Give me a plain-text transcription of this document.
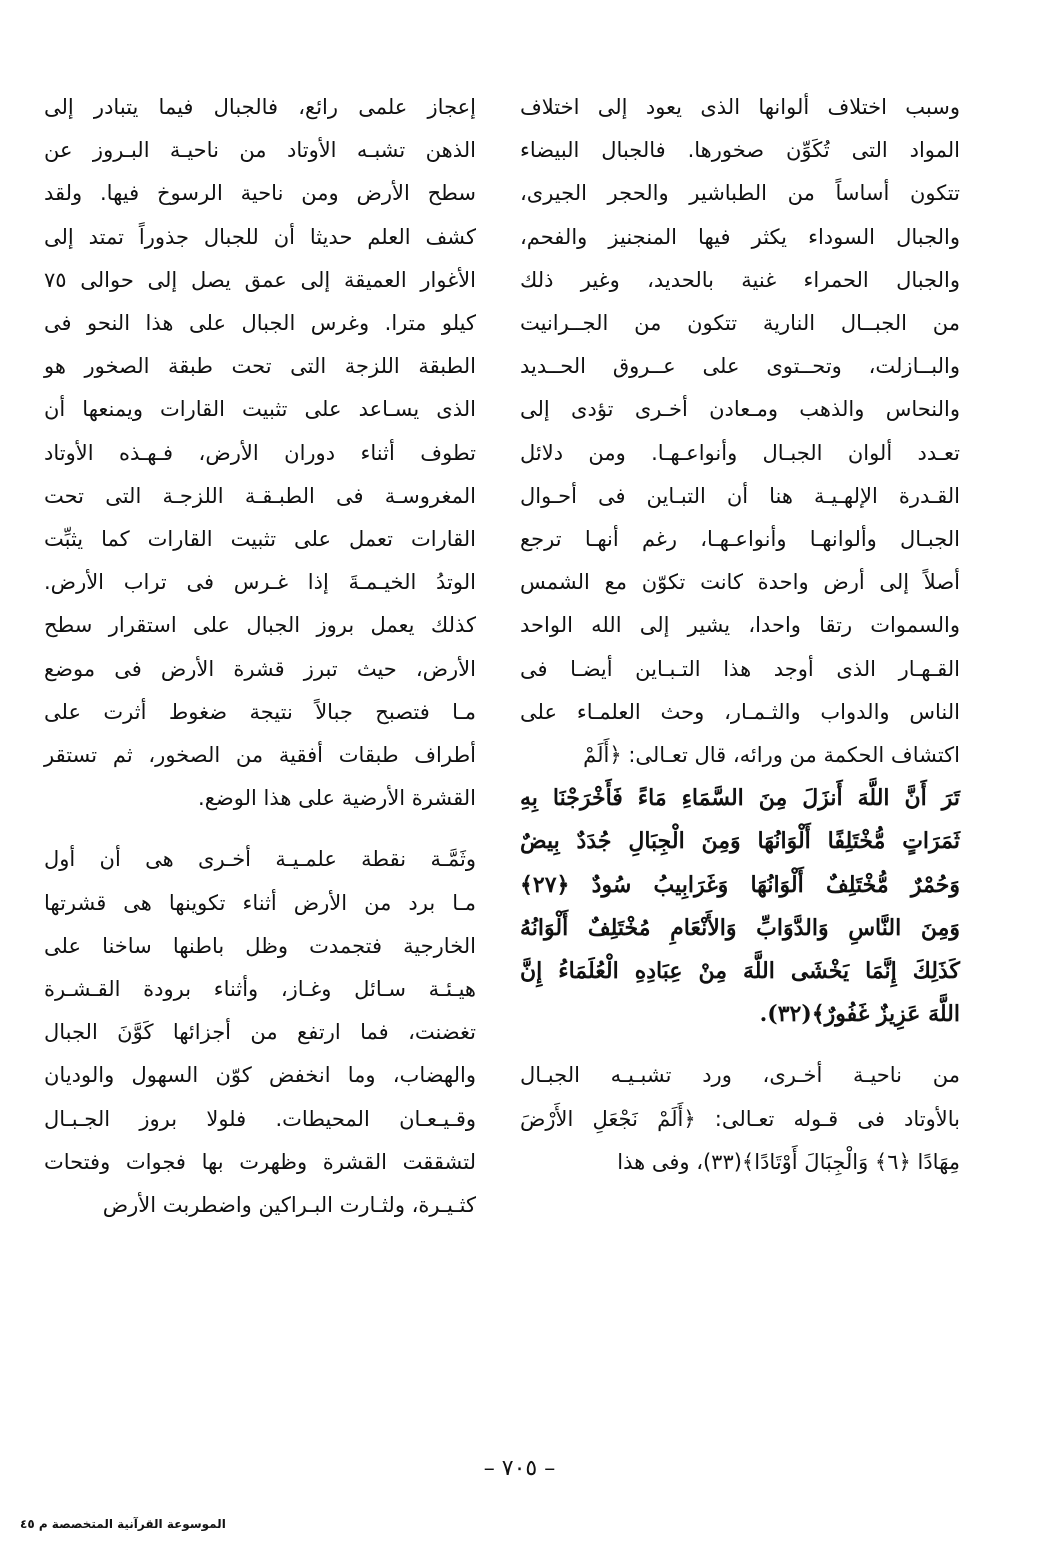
وسبب اختلاف ألوانها الذى يعود إلى اختلاف
المواد التى تُكَوِّن صخورها. فالجبال البيضاء
تتكون أساساً من الطباشير والحجر الجيرى،
والجبال السوداء يكثر فيها المنجنيز والفحم،
والجبال الحمراء غنية بالحديد، وغير ذلك
من الجبــال النارية تتكون من الجــرانيت
والبــازلت، وتحــتوى على عــروق الحــديد
والنحاس والذهب ومـعادن أخـرى تؤدى إلى
تعـدد ألوان الجبـال وأنواعـهـا. ومن دلائل
القـدرة الإلهـيـة هنا أن التبـاين فى أحـوال
الجبـال وألوانهـا وأنواعـهـا، رغم أنهـا ترجع
أصلاً إلى أرض واحدة كانت تكوّن مع الشمس
والسموات رتقا واحدا، يشير إلى الله الواحد
القـهـار الذى أوجد هذا التـبـاين أيضـا فى
الناس والدواب والثـمـار، وحث العلمـاء على
اكتشاف الحكمة من ورائه، قال تعـالى: ﴿أَلَمْ

تَرَ أَنَّ اللَّهَ أَنزَلَ مِنَ السَّمَاءِ مَاءً فَأَخْرَجْنَا بِهِ
ثَمَرَاتٍ مُّخْتَلِفًا أَلْوَانُهَا وَمِنَ الْجِبَالِ جُدَدٌ بِيضٌ
وَحُمْرٌ مُّخْتَلِفٌ أَلْوَانُهَا وَغَرَابِيبُ سُودٌ ﴿٢٧﴾
وَمِنَ النَّاسِ وَالدَّوَابِّ وَالأَنْعَامِ مُخْتَلِفٌ أَلْوَانُهُ
كَذَلِكَ إِنَّمَا يَخْشَى اللَّهَ مِنْ عِبَادِهِ الْعُلَمَاءُ إِنَّ
اللَّهَ عَزِيزٌ غَفُورٌ﴾(٣٢).

من ناحيـة أخـرى، ورد تشبـيـه الجبـال
بالأوتاد فى قـوله تعـالى: ﴿أَلَمْ نَجْعَلِ الأَرْضَ
مِهَادًا ﴿٦﴾ وَالْجِبَالَ أَوْتَادًا﴾(٣٣)، وفى هذا

إعجاز علمى رائع، فالجبال فيما يتبادر إلى
الذهن تشبـه الأوتاد من ناحيـة البـروز عن
سطح الأرض ومن ناحية الرسوخ فيها. ولقد
كشف العلم حديثا أن للجبال جذوراً تمتد إلى
الأغوار العميقة إلى عمق يصل إلى حوالى ٧٥
كيلو مترا. وغرس الجبال على هذا النحو فى
الطبقة اللزجة التى تحت طبقة الصخور هو
الذى يسـاعد على تثبيت القارات ويمنعها أن
تطوف أثناء دوران الأرض، فـهـذه الأوتاد
المغروسـة فى الطبـقـة اللزجـة التى تحت
القارات تعمل على تثبيت القارات كما يثبِّت
الوتدُ الخيـمـةَ إذا غـرس فى تراب الأرض.
كذلك يعمل بروز الجبال على استقرار سطح
الأرض، حيث تبرز قشرة الأرض فى موضع
مـا فتصبح جبالاً نتيجة ضغوط أثرت على
أطراف طبقات أفقية من الصخور، ثم تستقر
القشرة الأرضية على هذا الوضع.

وثَمَّـة نقطة علمـيـة أخـرى هى أن أول
مـا برد من الأرض أثناء تكوينها هى قشرتها
الخارجية فتجمدت وظل باطنها ساخنا على
هيـئـة سـائل وغـاز، وأثناء برودة القـشـرة
تغضنت، فما ارتفع من أجزائها كَوَّنَ الجبال
والهضاب، وما انخفض كوّن السهول والوديان
وقـيـعـان المحيطات. فلولا بروز الجـبـال
لتشققت القشرة وظهرت بها فجوات وفتحات
كثـيـرة، ولثـارت البـراكين واضطربت الأرض

– ٧٠٥ –
الموسوعة القرآنية المتخصصة م ٤٥
